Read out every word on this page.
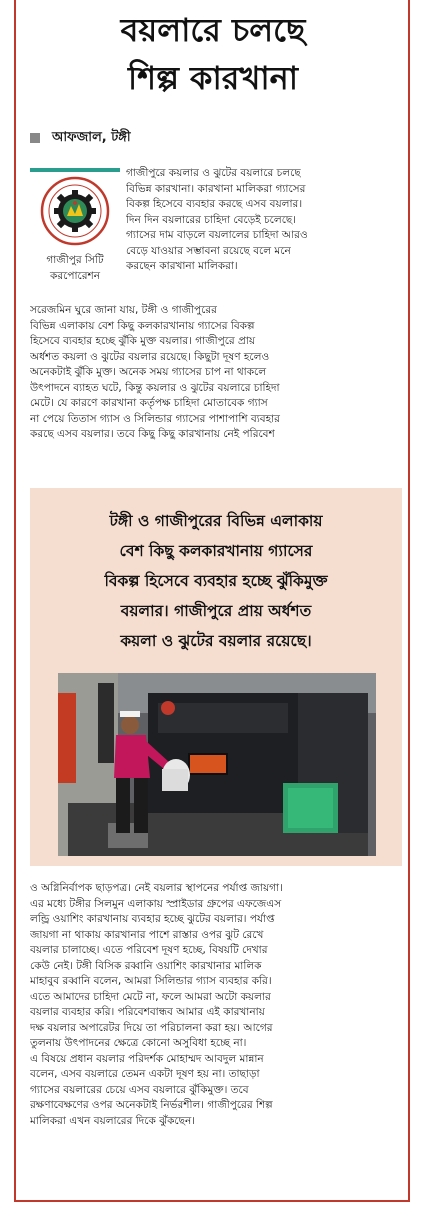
বয়লারে চলছে
শিল্প কারখানা
আফজাল, টঙ্গী
গাজীপুর সিটি
করপোরেশন
গাজীপুরে কয়লার ও ঝুটের বয়লারে চলছে
বিভিন্ন কারখানা। কারখানা মালিকরা গ্যাসের
বিকল্প হিসেবে ব্যবহার করছে এসব বয়লার।
দিন দিন বয়লারের চাহিদা বেড়েই চলেছে।
গ্যাসের দাম বাড়লে বয়লালের চাহিদা আরও
বেড়ে যাওয়ার সম্ভাবনা রয়েছে বলে মনে
করছেন কারখানা মালিকরা।
সরেজমিন ঘুরে জানা যায়, টঙ্গী ও গাজীপুরের
বিভিন্ন এলাকায় বেশ কিছু কলকারখানায় গ্যাসের বিকল্প
হিসেবে ব্যবহার হচ্ছে ঝুঁকি মুক্ত বয়লার। গাজীপুরে প্রায়
অর্ধশত কয়লা ও ঝুটের বয়লার রয়েছে। কিছুটা দূষণ হলেও
অনেকটাই ঝুঁকি মুক্ত। অনেক সময় গ্যাসের চাপ না থাকলে
উৎপাদনে ব্যাহত ঘটে, কিন্তু কয়লার ও ঝুটের বয়লারে চাহিদা
মেটে। যে কারণে কারখানা কর্তৃপক্ষ চাহিদা মোতাবেক গ্যাস
না পেয়ে তিতাস গ্যাস ও সিলিন্ডার গ্যাসের পাশাপাশি ব্যবহার
করছে এসব বয়লার। তবে কিছু কিছু কারখানায় নেই পরিবেশ
টঙ্গী ও গাজীপুরের বিভিন্ন এলাকায়
বেশ কিছু কলকারখানায় গ্যাসের
বিকল্প হিসেবে ব্যবহার হচ্ছে ঝুঁকিমুক্ত
বয়লার। গাজীপুরে প্রায় অর্ধশত
কয়লা ও ঝুটের বয়লার রয়েছে।
ও অগ্নিনির্বাপক ছাড়পত্র। নেই বয়লার স্থাপনের পর্যাপ্ত জায়গা।
এর মধ্যে টঙ্গীর সিলমুন এলাকায় স্প্রাইডার গ্রুপের এফজেএস
লন্ড্রি ওয়াশিং কারখানায় ব্যবহার হচ্ছে ঝুটের বয়লার। পর্যাপ্ত
জায়গা না থাকায় কারখানার পাশে রাস্তার ওপর ঝুট রেখে
বয়লার চালাচ্ছে। এতে পরিবেশ দূষণ হচ্ছে, বিষয়টি দেখার
কেউ নেই। টঙ্গী বিসিক রব্বানি ওয়াশিং কারখানার মালিক
মাহাবুব রব্বানি বলেন, আমরা সিলিন্ডার গ্যাস ব্যবহার করি।
এতে আমাদের চাহিদা মেটে না, ফলে আমরা অটো কয়লার
বয়লার ব্যবহার করি। পরিবেশবান্ধব আমার এই কারখানায়
দক্ষ বয়লার অপারেটর দিয়ে তা পরিচালনা করা হয়। আগের
তুলনায় উৎপাদনের ক্ষেত্রে কোনো অসুবিধা হচ্ছে না।
এ বিষয়ে প্রধান বয়লার পরিদর্শক মোহাম্মদ আবদুল মান্নান
বলেন, এসব বয়লারে তেমন একটা দূষণ হয় না। তাছাড়া
গ্যাসের বয়লারের চেয়ে এসব বয়লারে ঝুঁকিমুক্ত। তবে
রক্ষণাবেক্ষণের ওপর অনেকটাই নির্ভরশীল। গাজীপুরের শিল্প
মালিকরা এখন বয়লারের দিকে ঝুঁকছেন।
